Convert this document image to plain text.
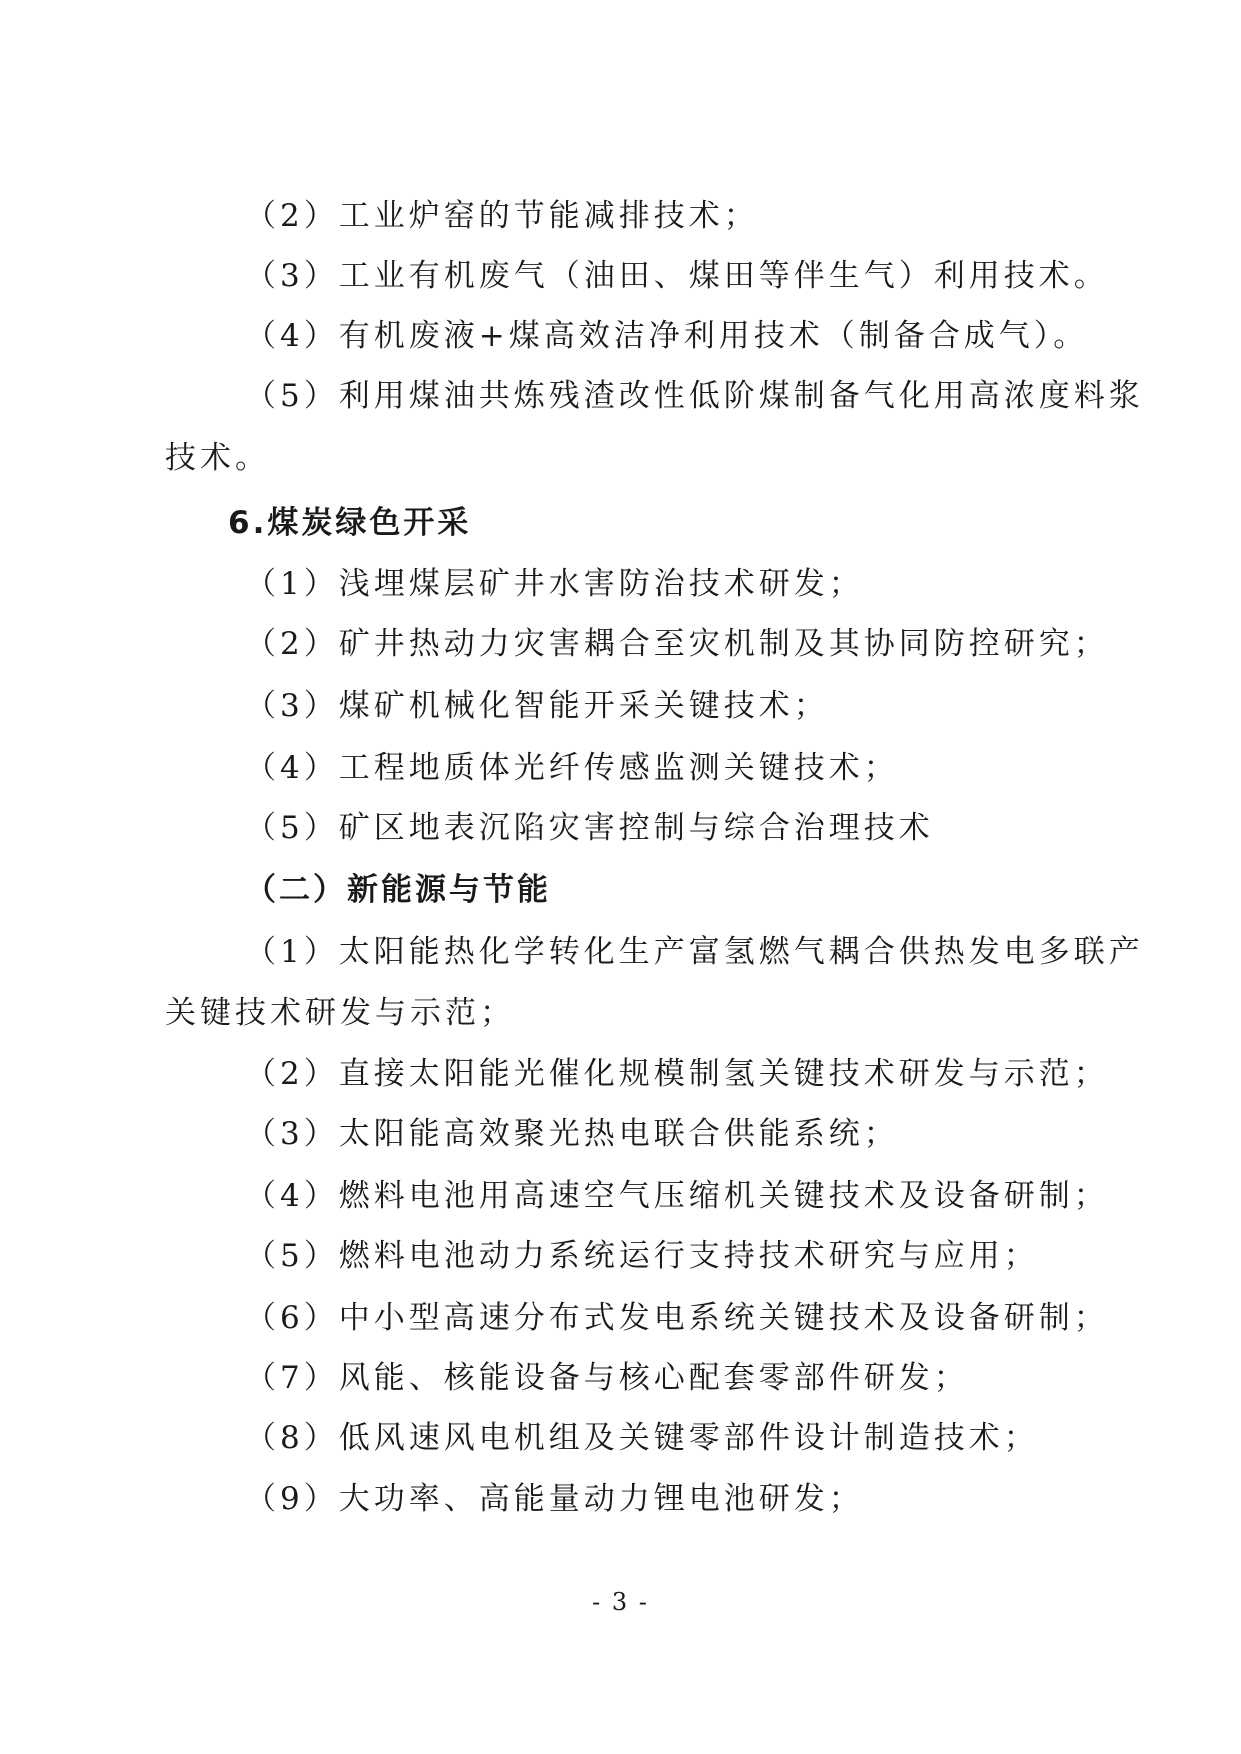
（2）工业炉窑的节能减排技术；
（3）工业有机废气（油田、煤田等伴生气）利用技术。
（4）有机废液+煤高效洁净利用技术（制备合成气）。
（5）利用煤油共炼残渣改性低阶煤制备气化用高浓度料浆
技术。
6.煤炭绿色开采
（1）浅埋煤层矿井水害防治技术研发；
（2）矿井热动力灾害耦合至灾机制及其协同防控研究；
（3）煤矿机械化智能开采关键技术；
（4）工程地质体光纤传感监测关键技术；
（5）矿区地表沉陷灾害控制与综合治理技术
（二）新能源与节能
（1）太阳能热化学转化生产富氢燃气耦合供热发电多联产
关键技术研发与示范；
（2）直接太阳能光催化规模制氢关键技术研发与示范；
（3）太阳能高效聚光热电联合供能系统；
（4）燃料电池用高速空气压缩机关键技术及设备研制；
（5）燃料电池动力系统运行支持技术研究与应用；
（6）中小型高速分布式发电系统关键技术及设备研制；
（7）风能、核能设备与核心配套零部件研发；
（8）低风速风电机组及关键零部件设计制造技术；
（9）大功率、高能量动力锂电池研发；
- 3 -
